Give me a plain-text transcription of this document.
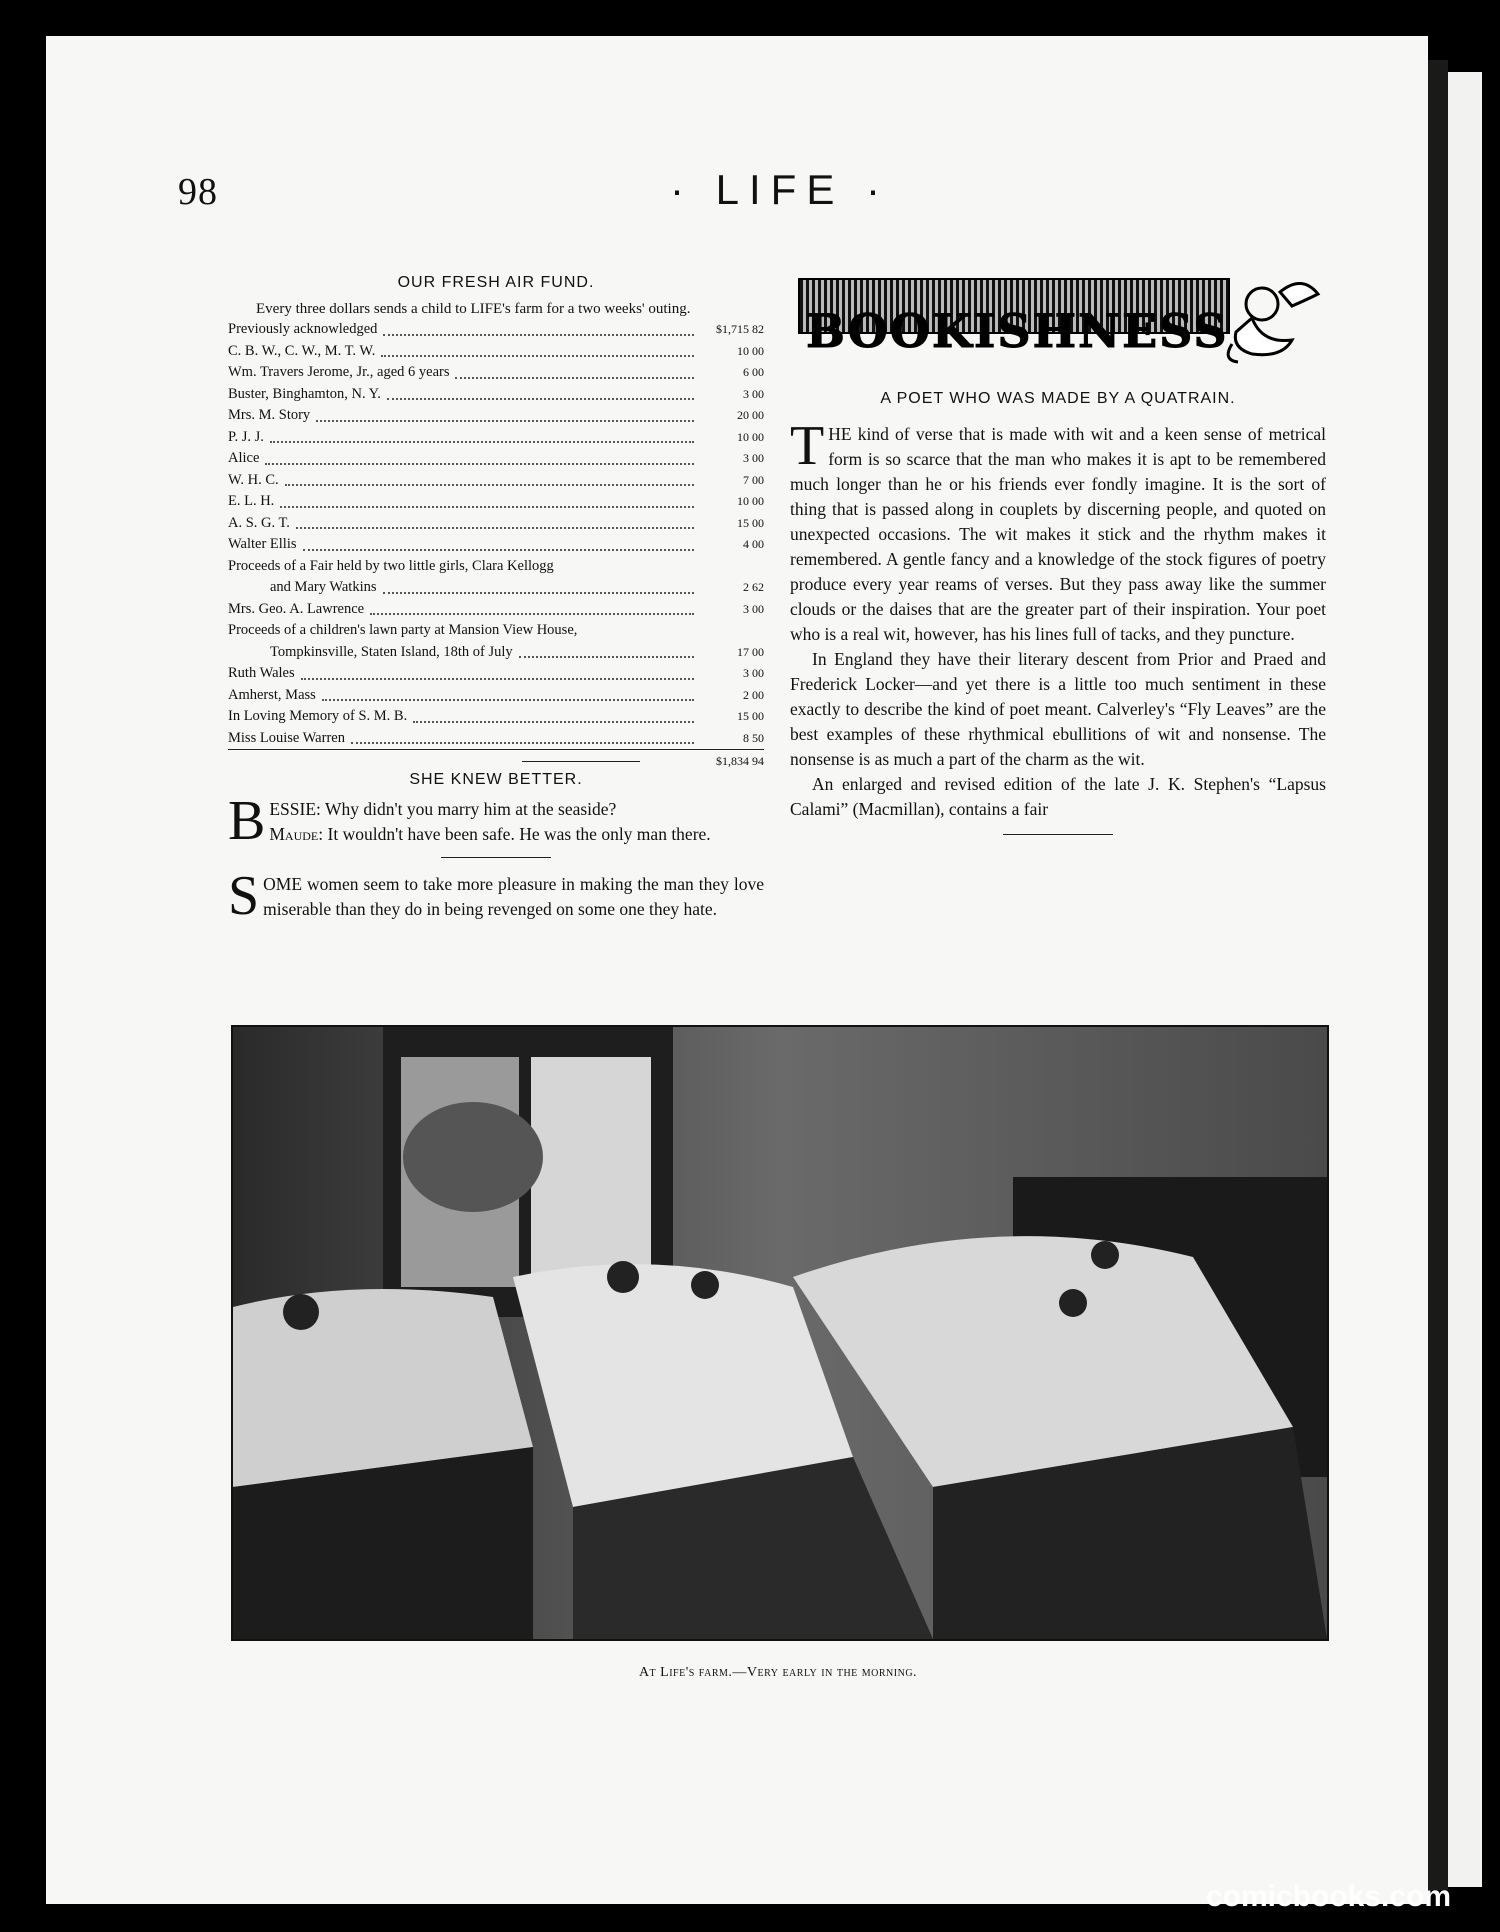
98	· LIFE ·
OUR FRESH AIR FUND.

Every three dollars sends a child to LIFE's farm for a two weeks' outing.

Previously acknowledged	$1,715 82
C. B. W., C. W., M. T. W.	10 00
Wm. Travers Jerome, Jr., aged 6 years	6 00
Buster, Binghamton, N. Y.	3 00
Mrs. M. Story	20 00
P. J. J.	10 00
Alice	3 00
W. H. C.	7 00
E. L. H.	10 00
A. S. G. T.	15 00
Walter Ellis	4 00
Proceeds of a Fair held by two little girls, Clara Kellogg
and Mary Watkins	2 62
Mrs. Geo. A. Lawrence	3 00
Proceeds of a children's lawn party at Mansion View House,
Tompkinsville, Staten Island, 18th of July	17 00
Ruth Wales	3 00
Amherst, Mass	2 00
In Loving Memory of S. M. B.	15 00
Miss Louise Warren	8 50
$1,834 94
SHE KNEW BETTER.

BESSIE: Why didn't you marry him at the seaside?
Maude: It wouldn't have been safe. He was the only man there.

SOME women seem to take more pleasure in making the man they love miserable than they do in being revenged on some one they hate.

BOOKISHNESS
A POET WHO WAS MADE BY A QUATRAIN.

THE kind of verse that is made with wit and a keen sense of metrical form is so scarce that the man who makes it is apt to be remembered much longer than he or his friends ever fondly imagine. It is the sort of thing that is passed along in couplets by discerning people, and quoted on unexpected occasions. The wit makes it stick and the rhythm makes it remembered. A gentle fancy and a knowledge of the stock figures of poetry produce every year reams of verses. But they pass away like the summer clouds or the daises that are the greater part of their inspiration. Your poet who is a real wit, however, has his lines full of tacks, and they puncture.

In England they have their literary descent from Prior and Praed and Frederick Locker—and yet there is a little too much sentiment in these exactly to describe the kind of poet meant. Calverley's “Fly Leaves” are the best examples of these rhythmical ebullitions of wit and nonsense. The nonsense is as much a part of the charm as the wit.

An enlarged and revised edition of the late J. K. Stephen's “Lapsus Calami” (Macmillan), contains a fair

At Life's farm.—Very early in the morning.
comicbooks.com
